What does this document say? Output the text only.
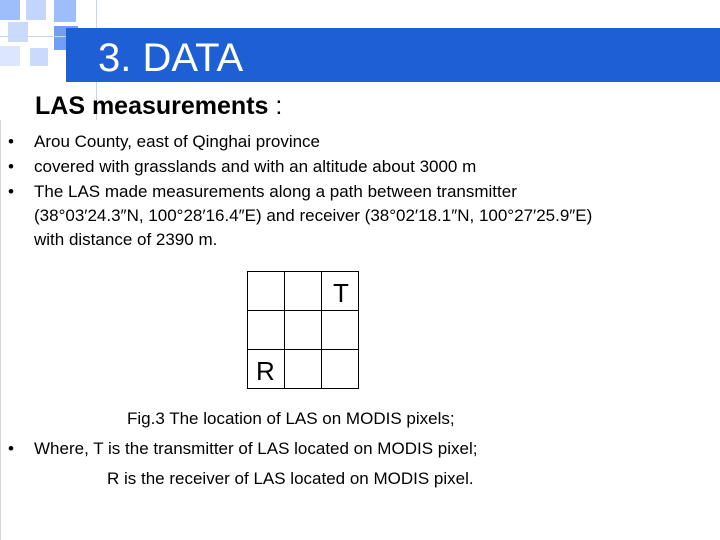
3. DATA
LAS measurements :
• Arou County, east of Qinghai province
• covered with grasslands and with an altitude about 3000 m
• The LAS made measurements along a path between transmitter
(38°03′24.3″N, 100°28′16.4″E) and receiver (38°02′18.1″N, 100°27′25.9″E)
with distance of 2390 m.
T
R
Fig.3 The location of LAS on MODIS pixels;
• Where, T is the transmitter of LAS located on MODIS pixel;
R is the receiver of LAS located on MODIS pixel.
